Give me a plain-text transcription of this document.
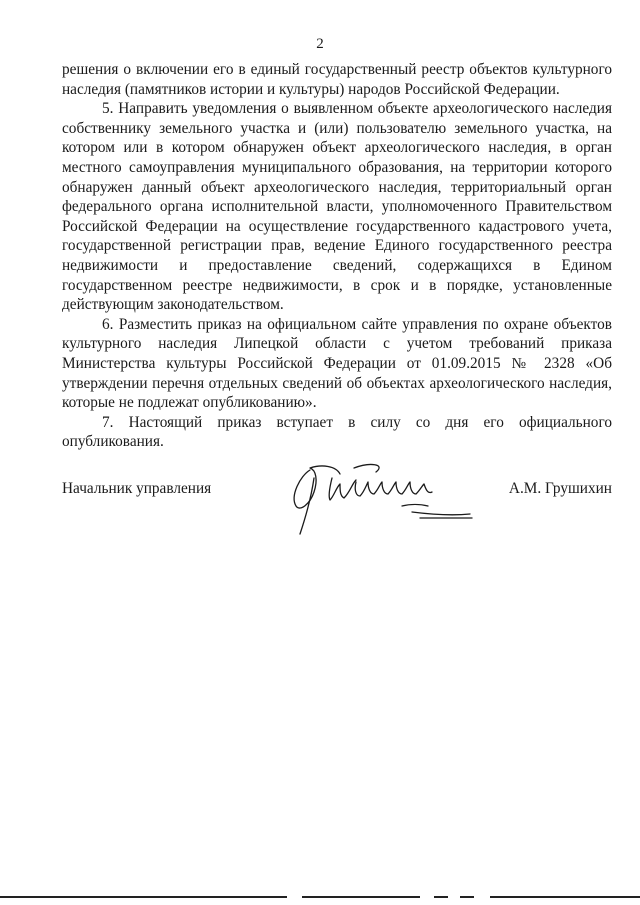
2

решения о включении его в единый государственный реестр объектов культурного наследия (памятников истории и культуры) народов Российской Федерации.

5. Направить уведомления о выявленном объекте археологического наследия собственнику земельного участка и (или) пользователю земельного участка, на котором или в котором обнаружен объект археологического наследия, в орган местного самоуправления муниципального образования, на территории которого обнаружен данный объект археологического наследия, территориальный орган федерального органа исполнительной власти, уполномоченного Правительством Российской Федерации на осуществление государственного кадастрового учета, государственной регистрации прав, ведение Единого государственного реестра недвижимости и предоставление сведений, содержащихся в Едином государственном реестре недвижимости, в срок и в порядке, установленные действующим законодательством.

6. Разместить приказ на официальном сайте управления по охране объектов культурного наследия Липецкой области с учетом требований приказа Министерства культуры Российской Федерации от 01.09.2015 № 2328 «Об утверждении перечня отдельных сведений об объектах археологического наследия, которые не подлежат опубликованию».

7. Настоящий приказ вступает в силу со дня его официального опубликования.

Начальник управления	А.М. Грушихин
